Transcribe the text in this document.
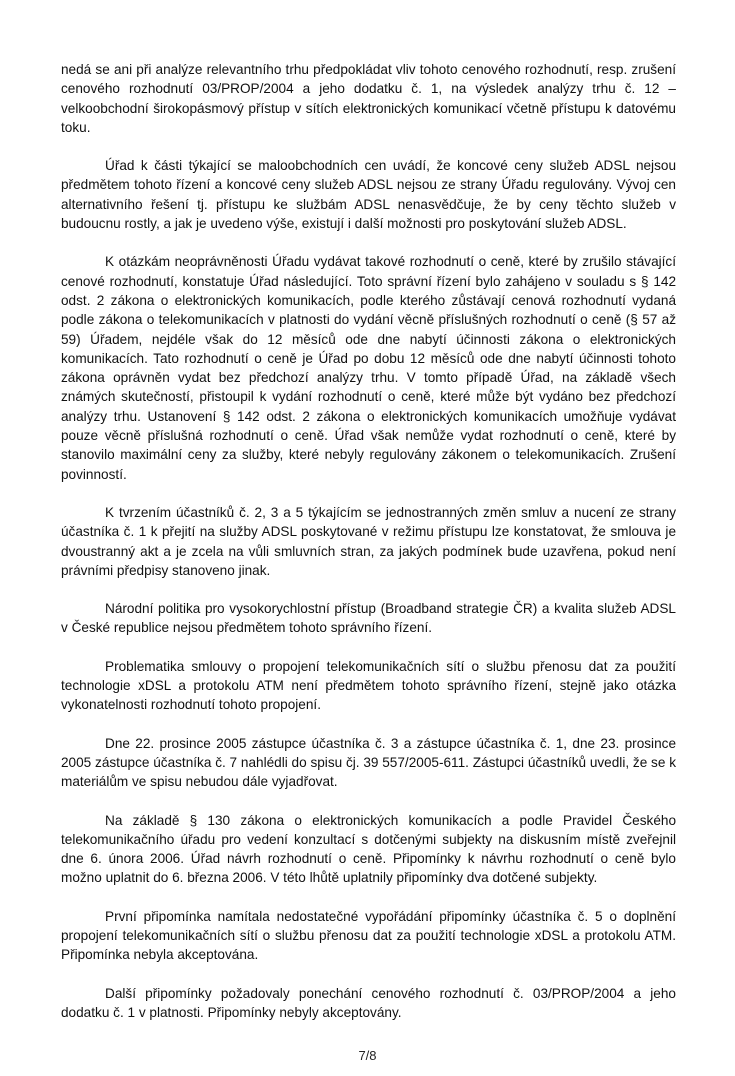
nedá se ani při analýze relevantního trhu předpokládat vliv tohoto cenového rozhodnutí, resp. zrušení cenového rozhodnutí 03/PROP/2004 a jeho dodatku č. 1, na výsledek analýzy trhu č. 12 – velkoobchodní širokopásmový přístup v sítích elektronických komunikací včetně přístupu k datovému toku.

Úřad k části týkající se maloobchodních cen uvádí, že koncové ceny služeb ADSL nejsou předmětem tohoto řízení a koncové ceny služeb ADSL nejsou ze strany Úřadu regulovány. Vývoj cen alternativního řešení tj. přístupu ke službám ADSL nenasvědčuje, že by ceny těchto služeb v budoucnu rostly, a jak je uvedeno výše, existují i další možnosti pro poskytování služeb ADSL.

K otázkám neoprávněnosti Úřadu vydávat takové rozhodnutí o ceně, které by zrušilo stávající cenové rozhodnutí, konstatuje Úřad následující. Toto správní řízení bylo zahájeno v souladu s § 142 odst. 2 zákona o elektronických komunikacích, podle kterého zůstávají cenová rozhodnutí vydaná podle zákona o telekomunikacích v platnosti do vydání věcně příslušných rozhodnutí o ceně (§ 57 až 59) Úřadem, nejdéle však do 12 měsíců ode dne nabytí účinnosti zákona o elektronických komunikacích. Tato rozhodnutí o ceně je Úřad po dobu 12 měsíců ode dne nabytí účinnosti tohoto zákona oprávněn vydat bez předchozí analýzy trhu. V tomto případě Úřad, na základě všech známých skutečností, přistoupil k vydání rozhodnutí o ceně, které může být vydáno bez předchozí analýzy trhu. Ustanovení § 142 odst. 2 zákona o elektronických komunikacích umožňuje vydávat pouze věcně příslušná rozhodnutí o ceně. Úřad však nemůže vydat rozhodnutí o ceně, které by stanovilo maximální ceny za služby, které nebyly regulovány zákonem o telekomunikacích. Zrušení povinností.

K tvrzením účastníků č. 2, 3 a 5 týkajícím se jednostranných změn smluv a nucení ze strany účastníka č. 1 k přejití na služby ADSL poskytované v režimu přístupu lze konstatovat, že smlouva je dvoustranný akt a je zcela na vůli smluvních stran, za jakých podmínek bude uzavřena, pokud není právními předpisy stanoveno jinak.

Národní politika pro vysokorychlostní přístup (Broadband strategie ČR) a kvalita služeb ADSL v České republice nejsou předmětem tohoto správního řízení.

Problematika smlouvy o propojení telekomunikačních sítí o službu přenosu dat za použití technologie xDSL a protokolu ATM není předmětem tohoto správního řízení, stejně jako otázka vykonatelnosti rozhodnutí tohoto propojení.

Dne 22. prosince 2005 zástupce účastníka č. 3 a zástupce účastníka č. 1, dne 23. prosince 2005 zástupce účastníka č. 7 nahlédli do spisu čj. 39 557/2005-611. Zástupci účastníků uvedli, že se k materiálům ve spisu nebudou dále vyjadřovat.

Na základě § 130 zákona o elektronických komunikacích a podle Pravidel Českého telekomunikačního úřadu pro vedení konzultací s dotčenými subjekty na diskusním místě zveřejnil dne 6. února 2006. Úřad návrh rozhodnutí o ceně. Připomínky k návrhu rozhodnutí o ceně bylo možno uplatnit do 6. března 2006. V této lhůtě uplatnily připomínky dva dotčené subjekty.

První připomínka namítala nedostatečné vypořádání připomínky účastníka č. 5 o doplnění propojení telekomunikačních sítí o službu přenosu dat za použití technologie xDSL a protokolu ATM. Připomínka nebyla akceptována.

Další připomínky požadovaly ponechání cenového rozhodnutí č. 03/PROP/2004 a jeho dodatku č. 1 v platnosti. Připomínky nebyly akceptovány.

7/8
